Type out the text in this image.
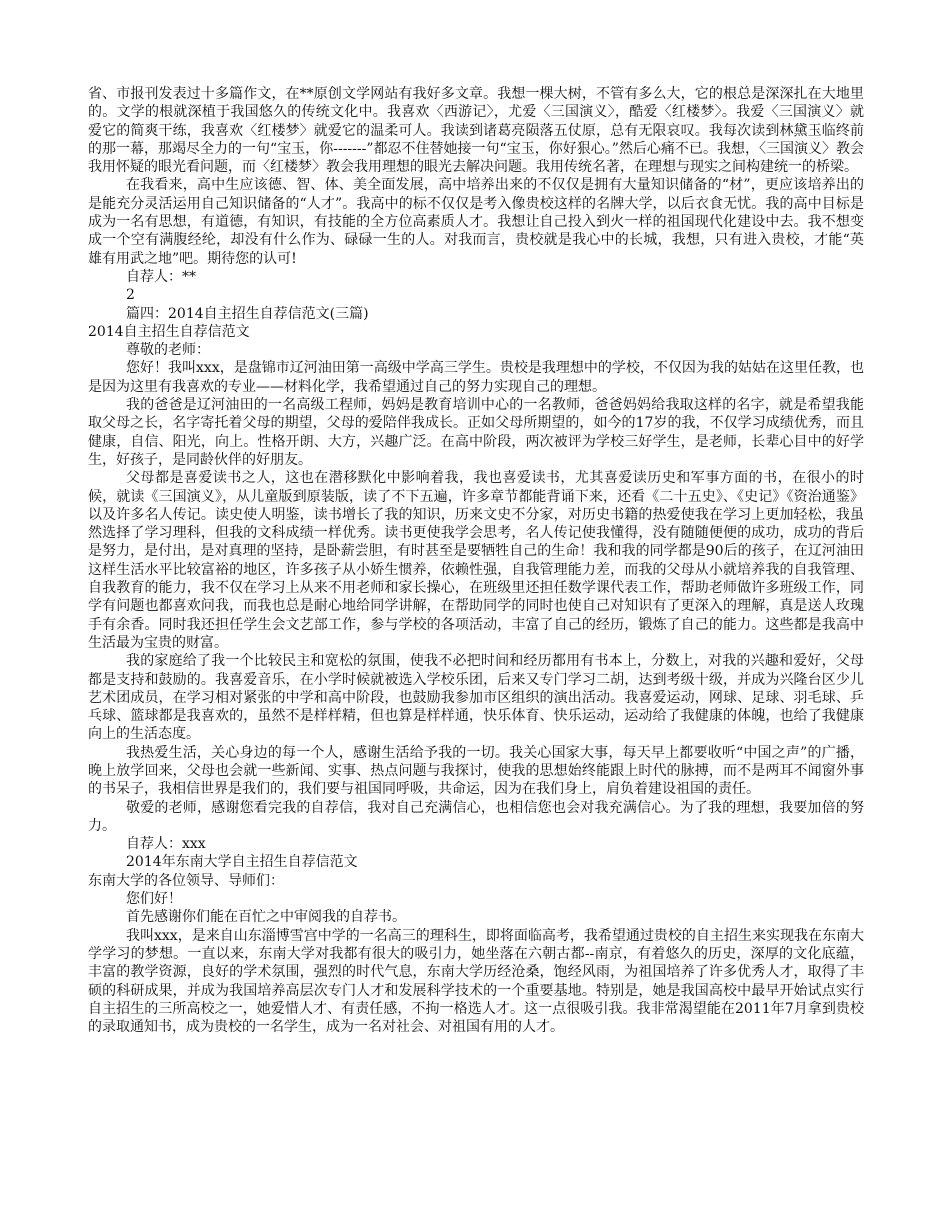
省、市报刊发表过十多篇作文，在**原创文学网站有我好多文章。我想一棵大树，不管有多么大，它的根总是深深扎在大地里的。文学的根就深植于我国悠久的传统文化中。我喜欢〈西游记〉，尤爱〈三国演义〉，酷爱〈红楼梦〉。我爱〈三国演义〉就爱它的简爽干练，我喜欢〈红楼梦〉就爱它的温柔可人。我读到诸葛亮陨落五仗原，总有无限哀叹。我每次读到林黛玉临终前的那一幕，那竭尽全力的一句“宝玉，你-------”都忍不住替她接一句“宝玉，你好狠心。”然后心痛不已。我想，〈三国演义〉教会我用怀疑的眼光看问题，而〈红楼梦〉教会我用理想的眼光去解决问题。我用传统名著，在理想与现实之间构建统一的桥梁。

在我看来，高中生应该德、智、体、美全面发展，高中培养出来的不仅仅是拥有大量知识储备的“材”，更应该培养出的是能充分灵活运用自己知识储备的“人才”。我高中的标不仅仅是考入像贵校这样的名牌大学，以后衣食无忧。我的高中目标是成为一名有思想，有道德，有知识，有技能的全方位高素质人才。我想让自己投入到火一样的祖国现代化建设中去。我不想变成一个空有满腹经纶，却没有什么作为、碌碌一生的人。对我而言，贵校就是我心中的长城，我想，只有进入贵校，才能“英雄有用武之地”吧。期待您的认可!

自荐人：**

2

篇四：2014自主招生自荐信范文(三篇)

2014自主招生自荐信范文

尊敬的老师：

您好！我叫xxx，是盘锦市辽河油田第一高级中学高三学生。贵校是我理想中的学校，不仅因为我的姑姑在这里任教，也是因为这里有我喜欢的专业——材料化学，我希望通过自己的努力实现自己的理想。

我的爸爸是辽河油田的一名高级工程师，妈妈是教育培训中心的一名教师，爸爸妈妈给我取这样的名字，就是希望我能取父母之长，名字寄托着父母的期望，父母的爱陪伴我成长。正如父母所期望的，如今的17岁的我，不仅学习成绩优秀，而且健康，自信、阳光，向上。性格开朗、大方，兴趣广泛。在高中阶段，两次被评为学校三好学生，是老师，长辈心目中的好学生，好孩子，是同龄伙伴的好朋友。

父母都是喜爱读书之人，这也在潜移默化中影响着我，我也喜爱读书，尤其喜爱读历史和军事方面的书，在很小的时候，就读《三国演义》，从儿童版到原装版，读了不下五遍，许多章节都能背诵下来，还看《二十五史》、《史记》《资治通鉴》以及许多名人传记。读史使人明鉴，读书增长了我的知识，历来文史不分家，对历史书籍的热爱使我在学习上更加轻松，我虽然选择了学习理科，但我的文科成绩一样优秀。读书更使我学会思考，名人传记使我懂得，没有随随便便的成功，成功的背后是努力，是付出，是对真理的坚持，是卧薪尝胆，有时甚至是要牺牲自己的生命！我和我的同学都是90后的孩子，在辽河油田这样生活水平比较富裕的地区，许多孩子从小娇生惯养，依赖性强，自我管理能力差，而我的父母从小就培养我的自我管理、自我教育的能力，我不仅在学习上从来不用老师和家长操心，在班级里还担任数学课代表工作，帮助老师做许多班级工作，同学有问题也都喜欢问我，而我也总是耐心地给同学讲解，在帮助同学的同时也使自己对知识有了更深入的理解，真是送人玫瑰手有余香。同时我还担任学生会文艺部工作，参与学校的各项活动，丰富了自己的经历，锻炼了自己的能力。这些都是我高中生活最为宝贵的财富。

我的家庭给了我一个比较民主和宽松的氛围，使我不必把时间和经历都用有书本上，分数上，对我的兴趣和爱好，父母都是支持和鼓励的。我喜爱音乐，在小学时候就被选入学校乐团，后来又专门学习二胡，达到考级十级，并成为兴隆台区少儿艺术团成员，在学习相对紧张的中学和高中阶段，也鼓励我参加市区组织的演出活动。我喜爱运动，网球、足球、羽毛球、乒乓球、篮球都是我喜欢的，虽然不是样样精，但也算是样样通，快乐体育、快乐运动，运动给了我健康的体魄，也给了我健康向上的生活态度。

我热爱生活，关心身边的每一个人，感谢生活给予我的一切。我关心国家大事，每天早上都要收听“中国之声”的广播，晚上放学回来，父母也会就一些新闻、实事、热点问题与我探讨，使我的思想始终能跟上时代的脉搏，而不是两耳不闻窗外事的书呆子，我相信世界是我们的，我们要与祖国同呼吸，共命运，因为在我们身上，肩负着建设祖国的责任。

敬爱的老师，感谢您看完我的自荐信，我对自己充满信心，也相信您也会对我充满信心。为了我的理想，我要加倍的努力。

自荐人：xxx

2014年东南大学自主招生自荐信范文

东南大学的各位领导、导师们：

您们好！

首先感谢你们能在百忙之中审阅我的自荐书。

我叫xxx，是来自山东淄博雪宫中学的一名高三的理科生，即将面临高考，我希望通过贵校的自主招生来实现我在东南大学学习的梦想。一直以来，东南大学对我都有很大的吸引力，她坐落在六朝古都--南京，有着悠久的历史，深厚的文化底蕴，丰富的教学资源，良好的学术氛围，强烈的时代气息，东南大学历经沧桑，饱经风雨，为祖国培养了许多优秀人才，取得了丰硕的科研成果，并成为我国培养高层次专门人才和发展科学技术的一个重要基地。特别是，她是我国高校中最早开始试点实行自主招生的三所高校之一，她爱惜人才、有责任感，不拘一格选人才。这一点很吸引我。我非常渴望能在2011年7月拿到贵校的录取通知书，成为贵校的一名学生，成为一名对社会、对祖国有用的人才。
